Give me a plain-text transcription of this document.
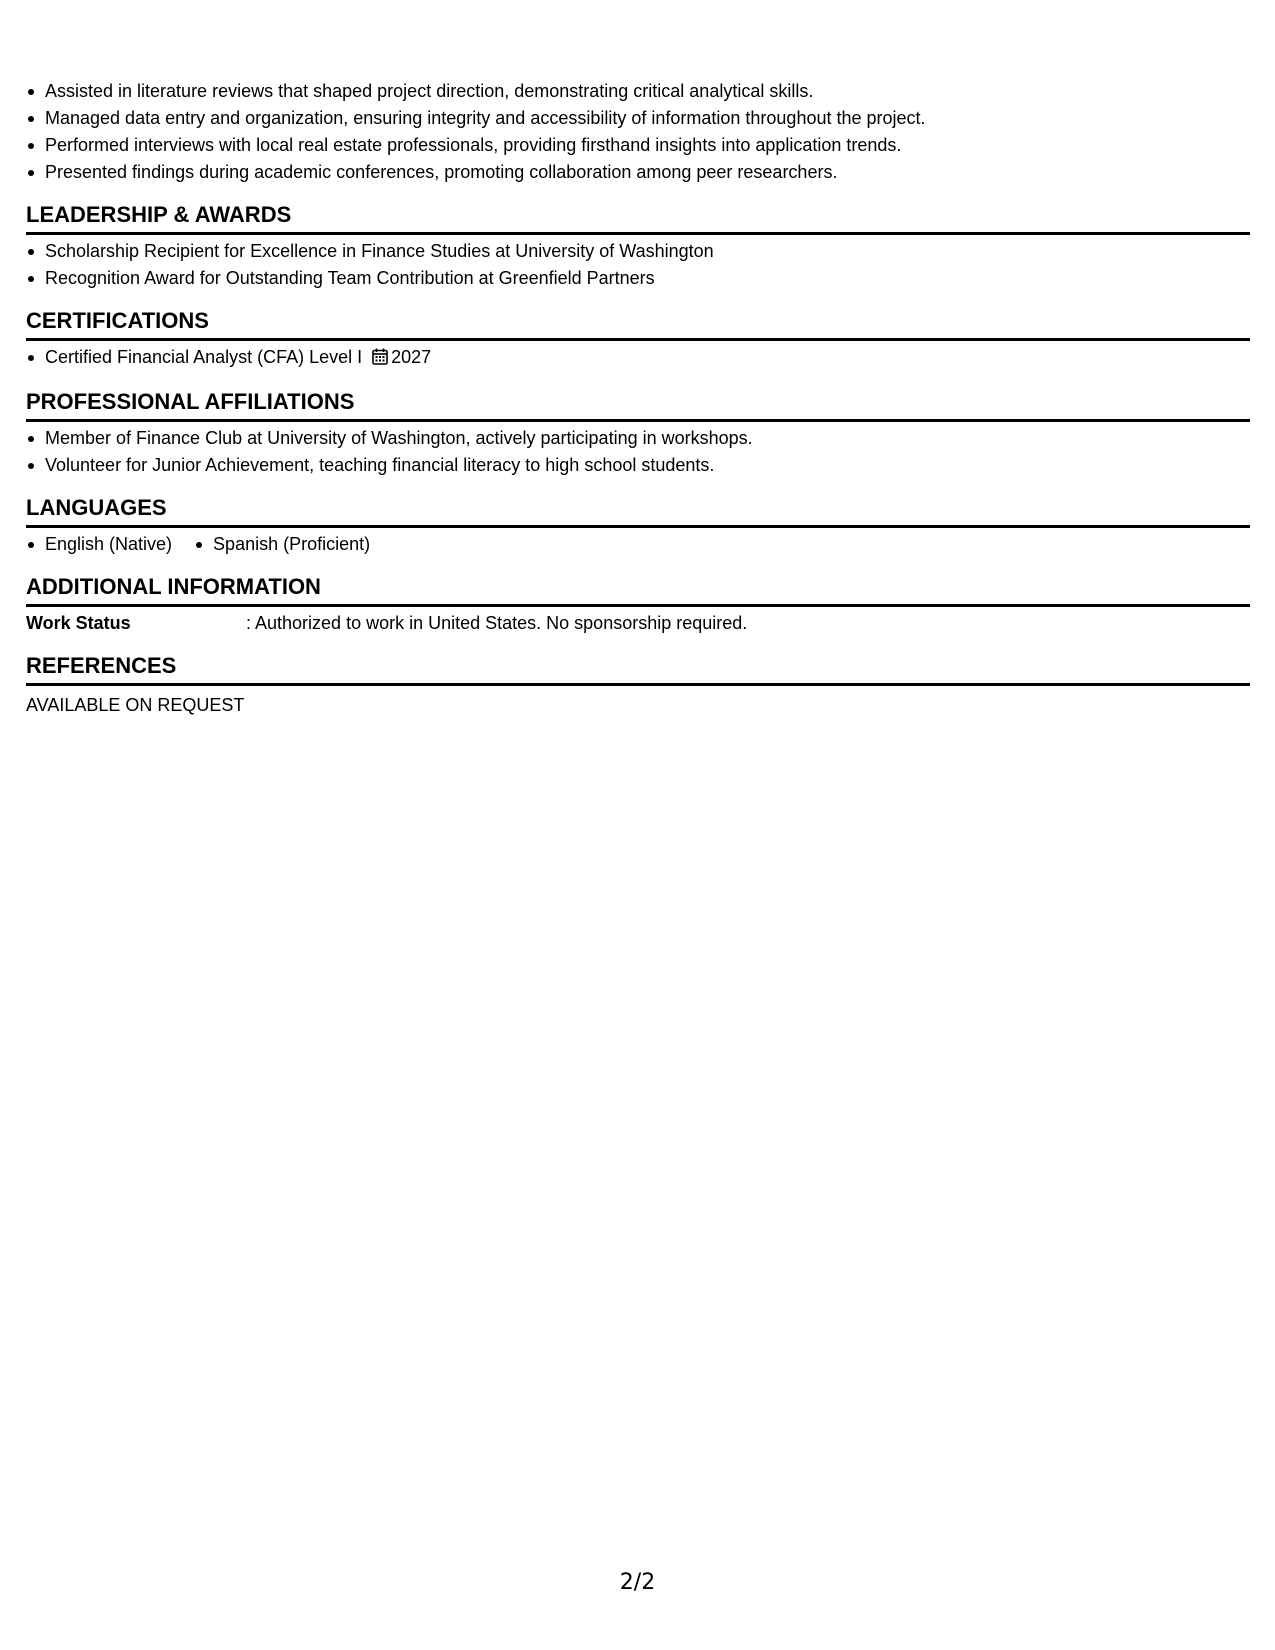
Assisted in literature reviews that shaped project direction, demonstrating critical analytical skills.
Managed data entry and organization, ensuring integrity and accessibility of information throughout the project.
Performed interviews with local real estate professionals, providing firsthand insights into application trends.
Presented findings during academic conferences, promoting collaboration among peer researchers.
LEADERSHIP & AWARDS
Scholarship Recipient for Excellence in Finance Studies at University of Washington
Recognition Award for Outstanding Team Contribution at Greenfield Partners
CERTIFICATIONS
Certified Financial Analyst (CFA) Level I 2027
PROFESSIONAL AFFILIATIONS
Member of Finance Club at University of Washington, actively participating in workshops.
Volunteer for Junior Achievement, teaching financial literacy to high school students.
LANGUAGES
English (Native)	Spanish (Proficient)
ADDITIONAL INFORMATION
Work Status	: Authorized to work in United States. No sponsorship required.
REFERENCES
AVAILABLE ON REQUEST
2/2
